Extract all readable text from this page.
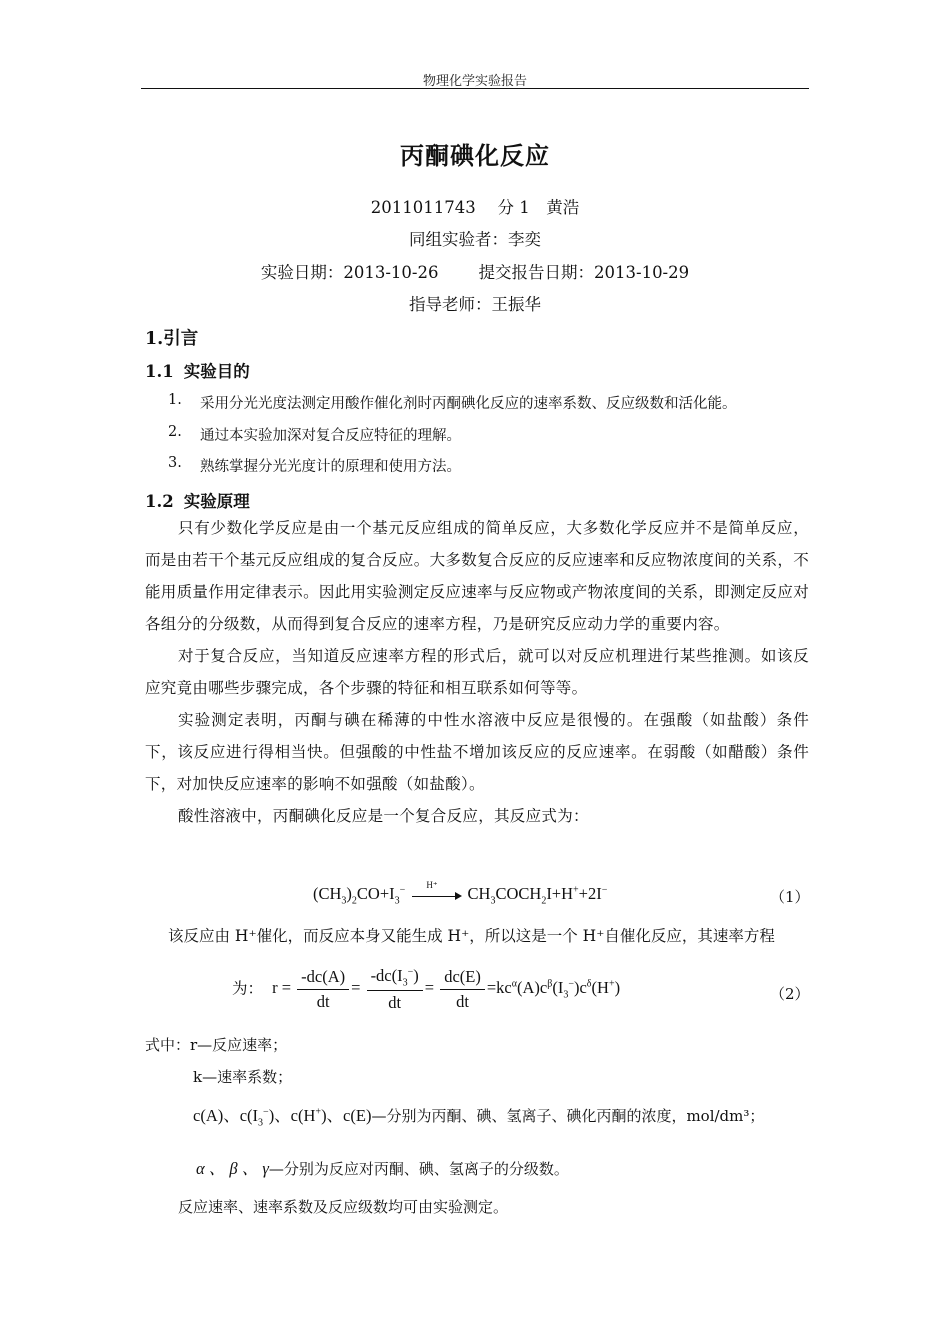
物理化学实验报告
丙酮碘化反应
2011011743　 分 1　黄浩
同组实验者：李奕
实验日期：2013-10-26 提交报告日期：2013-10-29
指导老师：王振华
1.引言
1.1 实验目的
1. 采用分光光度法测定用酸作催化剂时丙酮碘化反应的速率系数、反应级数和活化能。
2. 通过本实验加深对复合反应特征的理解。
3. 熟练掌握分光光度计的原理和使用方法。
1.2 实验原理

只有少数化学反应是由一个基元反应组成的简单反应，大多数化学反应并不是简单反应，而是由若干个基元反应组成的复合反应。大多数复合反应的反应速率和反应物浓度间的关系，不能用质量作用定律表示。因此用实验测定反应速率与反应物或产物浓度间的关系，即测定反应对各组分的分级数，从而得到复合反应的速率方程，乃是研究反应动力学的重要内容。

对于复合反应，当知道反应速率方程的形式后，就可以对反应机理进行某些推测。如该反应究竟由哪些步骤完成，各个步骤的特征和相互联系如何等等。

实验测定表明，丙酮与碘在稀薄的中性水溶液中反应是很慢的。在强酸（如盐酸）条件下，该反应进行得相当快。但强酸的中性盐不增加该反应的反应速率。在弱酸（如醋酸）条件下，对加快反应速率的影响不如强酸（如盐酸）。

酸性溶液中，丙酮碘化反应是一个复合反应，其反应式为：

$(CH_3)_2CO+I_3^-$ H⁺ $CH_3COCH_2I+H^++2I^-$	（1）
该反应由 H⁺催化，而反应本身又能生成 H⁺，所以这是一个 H⁺自催化反应，其速率方程
为：  $r = \frac{-dc(A)}{dt} = \frac{-dc(I_3^-)}{dt} = \frac{dc(E)}{dt} =kc^\alpha(A)c^\beta(I_3^-)c^\delta(H^+)$	（2）
式中：r—反应速率；
k—速率系数；
c(A)、$c(I_3^-)$、c(H+)、c(E)—分别为丙酮、碘、氢离子、碘化丙酮的浓度，mol/dm³；
α 、 β 、 γ—分别为反应对丙酮、碘、氢离子的分级数。
反应速率、速率系数及反应级数均可由实验测定。
